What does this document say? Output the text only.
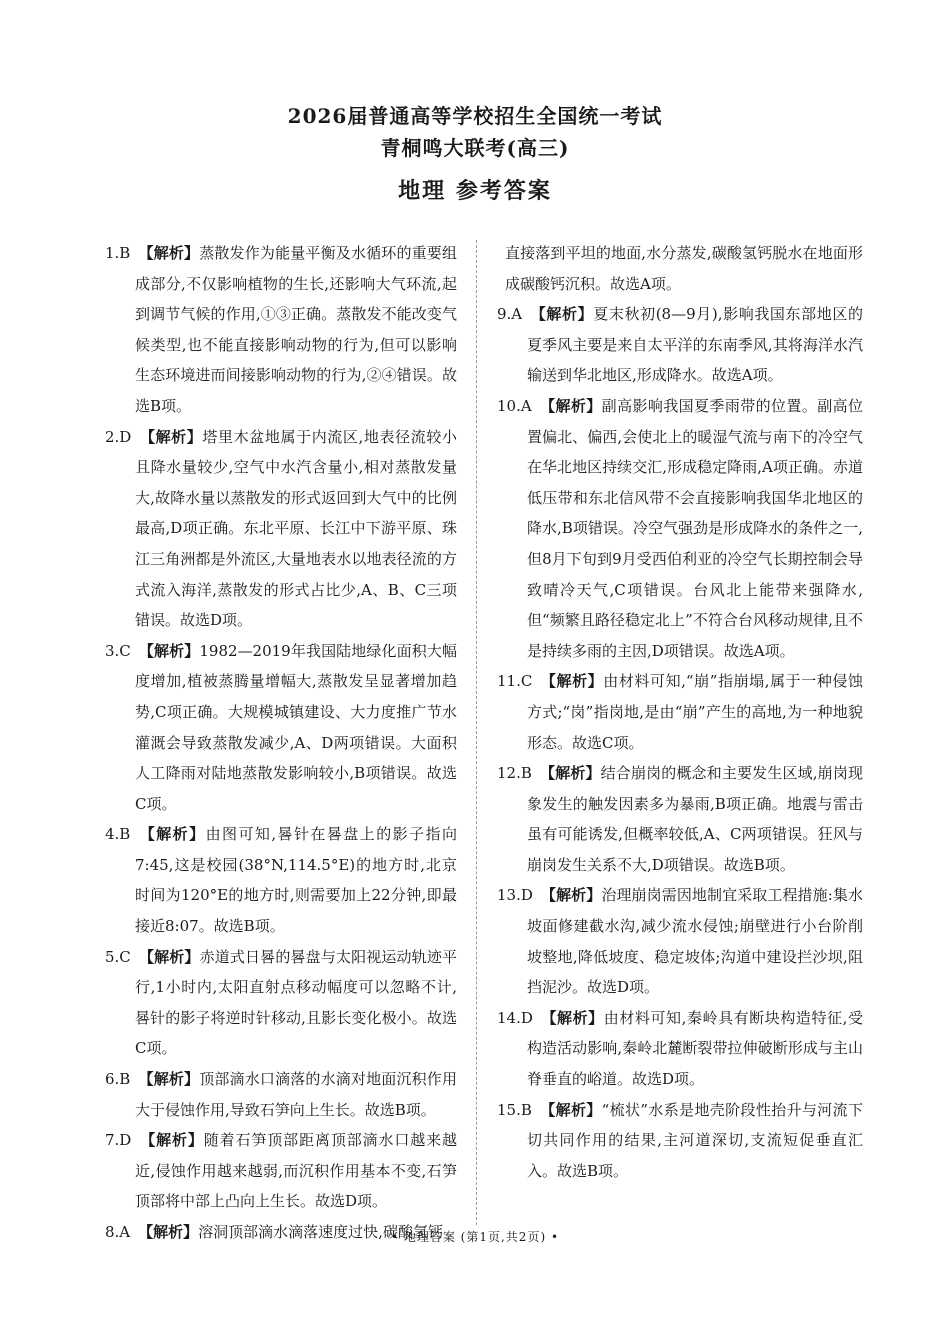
2026届普通高等学校招生全国统一考试
青桐鸣大联考(高三)
地理 参考答案

1.B 【解析】蒸散发作为能量平衡及水循环的重要组成部分,不仅影响植物的生长,还影响大气环流,起到调节气候的作用,①③正确。蒸散发不能改变气候类型,也不能直接影响动物的行为,但可以影响生态环境进而间接影响动物的行为,②④错误。故选B项。

2.D 【解析】塔里木盆地属于内流区,地表径流较小且降水量较少,空气中水汽含量小,相对蒸散发量大,故降水量以蒸散发的形式返回到大气中的比例最高,D项正确。东北平原、长江中下游平原、珠江三角洲都是外流区,大量地表水以地表径流的方式流入海洋,蒸散发的形式占比少,A、B、C三项错误。故选D项。

3.C 【解析】1982—2019年我国陆地绿化面积大幅度增加,植被蒸腾量增幅大,蒸散发呈显著增加趋势,C项正确。大规模城镇建设、大力度推广节水灌溉会导致蒸散发减少,A、D两项错误。大面积人工降雨对陆地蒸散发影响较小,B项错误。故选C项。

4.B 【解析】由图可知,晷针在晷盘上的影子指向7:45,这是校园(38°N,114.5°E)的地方时,北京时间为120°E的地方时,则需要加上22分钟,即最接近8:07。故选B项。

5.C 【解析】赤道式日晷的晷盘与太阳视运动轨迹平行,1小时内,太阳直射点移动幅度可以忽略不计,晷针的影子将逆时针移动,且影长变化极小。故选C项。

6.B 【解析】顶部滴水口滴落的水滴对地面沉积作用大于侵蚀作用,导致石笋向上生长。故选B项。

7.D 【解析】随着石笋顶部距离顶部滴水口越来越近,侵蚀作用越来越弱,而沉积作用基本不变,石笋顶部将中部上凸向上生长。故选D项。

8.A 【解析】溶洞顶部滴水滴落速度过快,碳酸氢钙

直接落到平坦的地面,水分蒸发,碳酸氢钙脱水在地面形成碳酸钙沉积。故选A项。

9.A 【解析】夏末秋初(8—9月),影响我国东部地区的夏季风主要是来自太平洋的东南季风,其将海洋水汽输送到华北地区,形成降水。故选A项。

10.A 【解析】副高影响我国夏季雨带的位置。副高位置偏北、偏西,会使北上的暖湿气流与南下的冷空气在华北地区持续交汇,形成稳定降雨,A项正确。赤道低压带和东北信风带不会直接影响我国华北地区的降水,B项错误。冷空气强劲是形成降水的条件之一,但8月下旬到9月受西伯利亚的冷空气长期控制会导致晴冷天气,C项错误。台风北上能带来强降水,但“频繁且路径稳定北上”不符合台风移动规律,且不是持续多雨的主因,D项错误。故选A项。

11.C 【解析】由材料可知,“崩”指崩塌,属于一种侵蚀方式;“岗”指岗地,是由“崩”产生的高地,为一种地貌形态。故选C项。

12.B 【解析】结合崩岗的概念和主要发生区域,崩岗现象发生的触发因素多为暴雨,B项正确。地震与雷击虽有可能诱发,但概率较低,A、C两项错误。狂风与崩岗发生关系不大,D项错误。故选B项。

13.D 【解析】治理崩岗需因地制宜采取工程措施:集水坡面修建截水沟,减少流水侵蚀;崩壁进行小台阶削坡整地,降低坡度、稳定坡体;沟道中建设拦沙坝,阻挡泥沙。故选D项。

14.D 【解析】由材料可知,秦岭具有断块构造特征,受构造活动影响,秦岭北麓断裂带拉伸破断形成与主山脊垂直的峪道。故选D项。

15.B 【解析】“梳状”水系是地壳阶段性抬升与河流下切共同作用的结果,主河道深切,支流短促垂直汇入。故选B项。

• 地理答案 (第1页,共2页) •
